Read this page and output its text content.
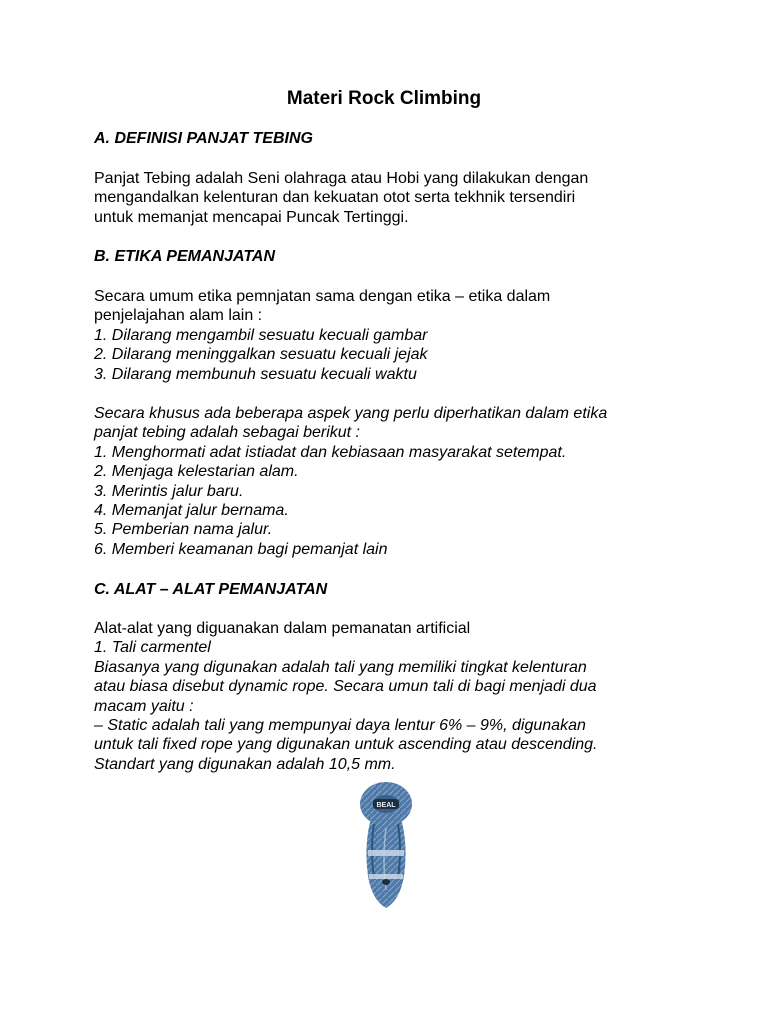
Materi Rock Climbing
A. DEFINISI PANJAT TEBING
Panjat Tebing adalah Seni olahraga atau Hobi yang dilakukan dengan
mengandalkan kelenturan dan kekuatan otot serta tekhnik tersendiri
untuk memanjat mencapai Puncak Tertinggi.
B. ETIKA PEMANJATAN
Secara umum etika pemnjatan sama dengan etika – etika dalam
penjelajahan alam lain :
1. Dilarang mengambil sesuatu kecuali gambar
2. Dilarang meninggalkan sesuatu kecuali jejak
3. Dilarang membunuh sesuatu kecuali waktu
Secara khusus ada beberapa aspek yang perlu diperhatikan dalam etika
panjat tebing adalah sebagai berikut :
1. Menghormati adat istiadat dan kebiasaan masyarakat setempat.
2. Menjaga kelestarian alam.
3. Merintis jalur baru.
4. Memanjat jalur bernama.
5. Pemberian nama jalur.
6. Memberi keamanan bagi pemanjat lain
C. ALAT – ALAT PEMANJATAN
Alat-alat yang diguanakan dalam pemanatan artificial
1. Tali carmentel
Biasanya yang digunakan adalah tali yang memiliki tingkat kelenturan
atau biasa disebut dynamic rope. Secara umun tali di bagi menjadi dua
macam yaitu :
– Static adalah tali yang mempunyai daya lentur 6% – 9%, digunakan
untuk tali fixed rope yang digunakan untuk ascending atau descending.
Standart yang digunakan adalah 10,5 mm.
BEAL
